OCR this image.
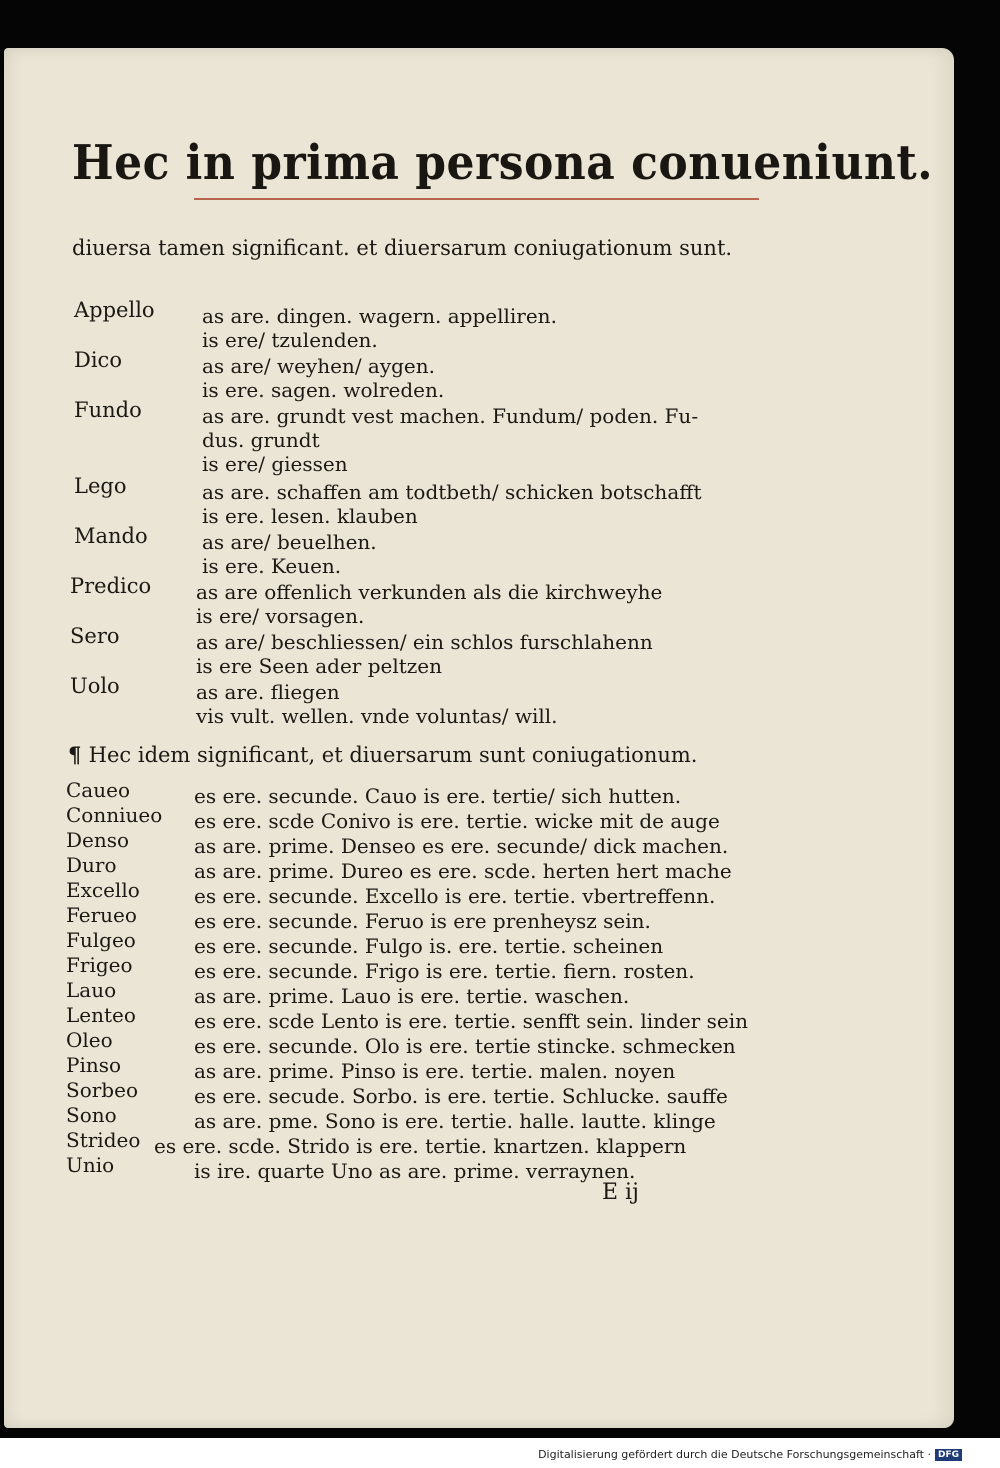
Hec in prima persona conueniunt.
diuersa tamen significant. et diuersarum coniugationum sunt.
Appello as are. dingen. wagern. appelliren.
is ere/ tzulenden.
Dico	as are/ weyhen/ aygen.
is ere. sagen. wolreden.
Fundo	as are. grundt vest machen. Fundum/ poden. Fu-
dus. grundt
is ere/ giessen
Lego	as are. schaffen am todtbeth/ schicken botschafft
is ere. lesen. klauben
Mando	as are/ beuelhen.
is ere. Keuen.
Predico as are offenlich verkunden als die kirchweyhe
is ere/ vorsagen.
Sero	as are/ beschliessen/ ein schlos furschlahenn
is ere Seen ader peltzen
Uolo	as are. fliegen
vis vult. wellen. vnde voluntas/ will.
¶ Hec idem significant, et diuersarum sunt coniugationum.
Caueo	es ere. secunde. Cauo is ere. tertie/ sich hutten.
Conniueo es ere. scde Conivo is ere. tertie. wicke mit de auge
Denso	as are. prime. Denseo es ere. secunde/ dick machen.
Duro	as are. prime. Dureo es ere. scde. herten hert mache
Excello	es ere. secunde. Excello is ere. tertie. vbertreffenn.
Ferueo	es ere. secunde. Feruo is ere prenheysz sein.
Fulgeo	es ere. secunde. Fulgo is. ere. tertie. scheinen
Frigeo	es ere. secunde. Frigo is ere. tertie. fiern. rosten.
Lauo	as are. prime. Lauo is ere. tertie. waschen.
Lenteo	es ere. scde Lento is ere. tertie. senfft sein. linder sein
Oleo	es ere. secunde. Olo is ere. tertie stincke. schmecken
Pinso	as are. prime. Pinso is ere. tertie. malen. noyen
Sorbeo	es ere. secude. Sorbo. is ere. tertie. Schlucke. sauffe
Sono	as are. pme. Sono is ere. tertie. halle. lautte. klinge
Strideo es ere. scde. Strido is ere. tertie. knartzen. klappern
Unio	is ire. quarte Uno as are. prime. verraynen.
E ij
Digitalisierung gefördert durch die Deutsche Forschungsgemeinschaft · DFG
